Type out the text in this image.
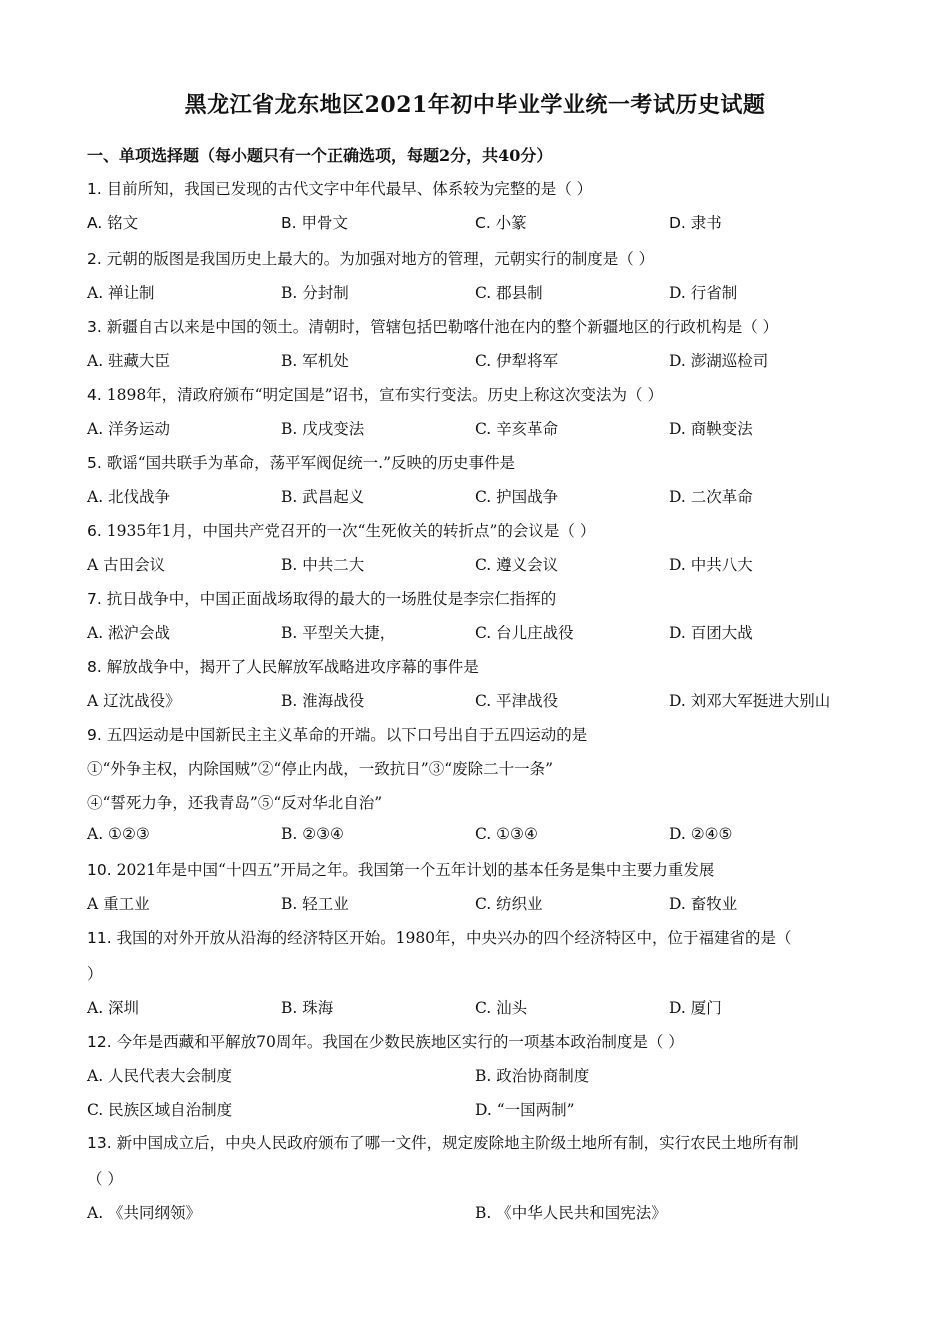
黑龙江省龙东地区2021年初中毕业学业统一考试历史试题
一、单项选择题（每小题只有一个正确选项，每题2分，共40分）
1. 目前所知，我国已发现的古代文字中年代最早、体系较为完整的是（ ）
A. 铭文	B. 甲骨文	C. 小篆	D. 隶书
2. 元朝的版图是我国历史上最大的。为加强对地方的管理，元朝实行的制度是（ ）
A. 禅让制	B. 分封制	C. 郡县制	D. 行省制
3. 新疆自古以来是中国的领土。清朝时，管辖包括巴勒喀什池在内的整个新疆地区的行政机构是（ ）
A. 驻藏大臣	B. 军机处	C. 伊犁将军	D. 澎湖巡检司
4. 1898年，清政府颁布“明定国是”诏书，宣布实行变法。历史上称这次变法为（ ）
A. 洋务运动	B. 戊戌变法	C. 辛亥革命	D. 商鞅变法
5. 歌谣“国共联手为革命，荡平军阀促统一.”反映的历史事件是
A. 北伐战争	B. 武昌起义	C. 护国战争	D. 二次革命
6. 1935年1月，中国共产党召开的一次“生死攸关的转折点”的会议是（ ）
A 古田会议	B. 中共二大	C. 遵义会议	D. 中共八大
7. 抗日战争中，中国正面战场取得的最大的一场胜仗是李宗仁指挥的
A. 淞沪会战	B. 平型关大捷，	C. 台儿庄战役	D. 百团大战
8. 解放战争中，揭开了人民解放军战略进攻序幕的事件是
A 辽沈战役》	B. 淮海战役	C. 平津战役	D. 刘邓大军挺进大别山
9. 五四运动是中国新民主主义革命的开端。以下口号出自于五四运动的是
①“外争主权，内除国贼”②“停止内战，一致抗日”③“废除二十一条”
④“誓死力争，还我青岛”⑤“反对华北自治”
A. ①②③	B. ②③④	C. ①③④	D. ②④⑤
10. 2021年是中国“十四五”开局之年。我国第一个五年计划的基本任务是集中主要力重发展
A 重工业	B. 轻工业	C. 纺织业	D. 畜牧业
11. 我国的对外开放从沿海的经济特区开始。1980年，中央兴办的四个经济特区中，位于福建省的是（
）
A. 深圳	B. 珠海	C. 汕头	D. 厦门
12. 今年是西藏和平解放70周年。我国在少数民族地区实行的一项基本政治制度是（ ）
A. 人民代表大会制度	B. 政治协商制度
C. 民族区域自治制度	D. “一国两制”
13. 新中国成立后，中央人民政府颁布了哪一文件，规定废除地主阶级土地所有制，实行农民土地所有制
（ ）
A. 《共同纲领》	B. 《中华人民共和国宪法》
